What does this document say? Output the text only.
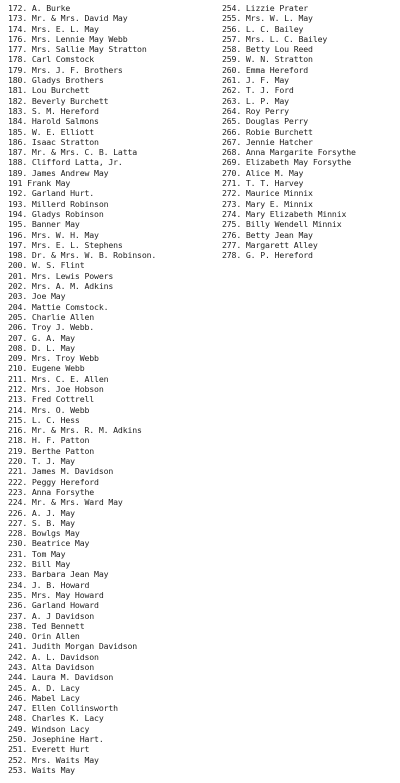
172. A. Burke
173. Mr. & Mrs. David May
174. Mrs. E. L. May
176. Mrs. Lennie May Webb
177. Mrs. Sallie May Stratton
178. Carl Comstock
179. Mrs. J. F. Brothers
180. Gladys Brothers
181. Lou Burchett
182. Beverly Burchett
183. S. M. Hereford
184. Harold Salmons
185. W. E. Elliott
186. Isaac Stratton
187. Mr. & Mrs. C. B. Latta
188. Clifford Latta, Jr.
189. James Andrew May
191 Frank May
192. Garland Hurt.
193. Millerd Robinson
194. Gladys Robinson
195. Banner May
196. Mrs. W. H. May
197. Mrs. E. L. Stephens
198. Dr. & Mrs. W. B. Robinson.
200. W. S. Flint
201. Mrs. Lewis Powers
202. Mrs. A. M. Adkins
203. Joe May
204. Mattie Comstock.
205. Charlie Allen
206. Troy J. Webb.
207. G. A. May
208. D. L. May
209. Mrs. Troy Webb
210. Eugene Webb
211. Mrs. C. E. Allen
212. Mrs. Joe Hobson
213. Fred Cottrell
214. Mrs. O. Webb
215. L. C. Hess
216. Mr. & Mrs. R. M. Adkins
218. H. F. Patton
219. Berthe Patton
220. T. J. May
221. James M. Davidson
222. Peggy Hereford
223. Anna Forsythe
224. Mr. & Mrs. Ward May
226. A. J. May
227. S. B. May
228. Bowlgs May
230. Beatrice May
231. Tom May
232. Bill May
233. Barbara Jean May
234. J. B. Howard
235. Mrs. May Howard
236. Garland Howard
237. A. J Davidson
238. Ted Bennett
240. Orin Allen
241. Judith Morgan Davidson
242. A. L. Davidson
243. Alta Davidson
244. Laura M. Davidson
245. A. D. Lacy
246. Mabel Lacy
247. Ellen Collinsworth
248. Charles K. Lacy
249. Windson Lacy
250. Josephine Hart.
251. Everett Hurt
252. Mrs. Waits May
253. Waits May
254. Lizzie Prater
255. Mrs. W. L. May
256. L. C. Bailey
257. Mrs. L. C. Bailey
258. Betty Lou Reed
259. W. N. Stratton
260. Emma Hereford
261. J. F. May
262. T. J. Ford
263. L. P. May
264. Roy Perry
265. Douglas Perry
266. Robie Burchett
267. Jennie Hatcher
268. Anna Margarite Forsythe
269. Elizabeth May Forsythe
270. Alice M. May
271. T. T. Harvey
272. Maurice Minnix
273. Mary E. Minnix
274. Mary Elizabeth Minnix
275. Billy Wendell Minnix
276. Betty Jean May
277. Margarett Alley
278. G. P. Hereford
